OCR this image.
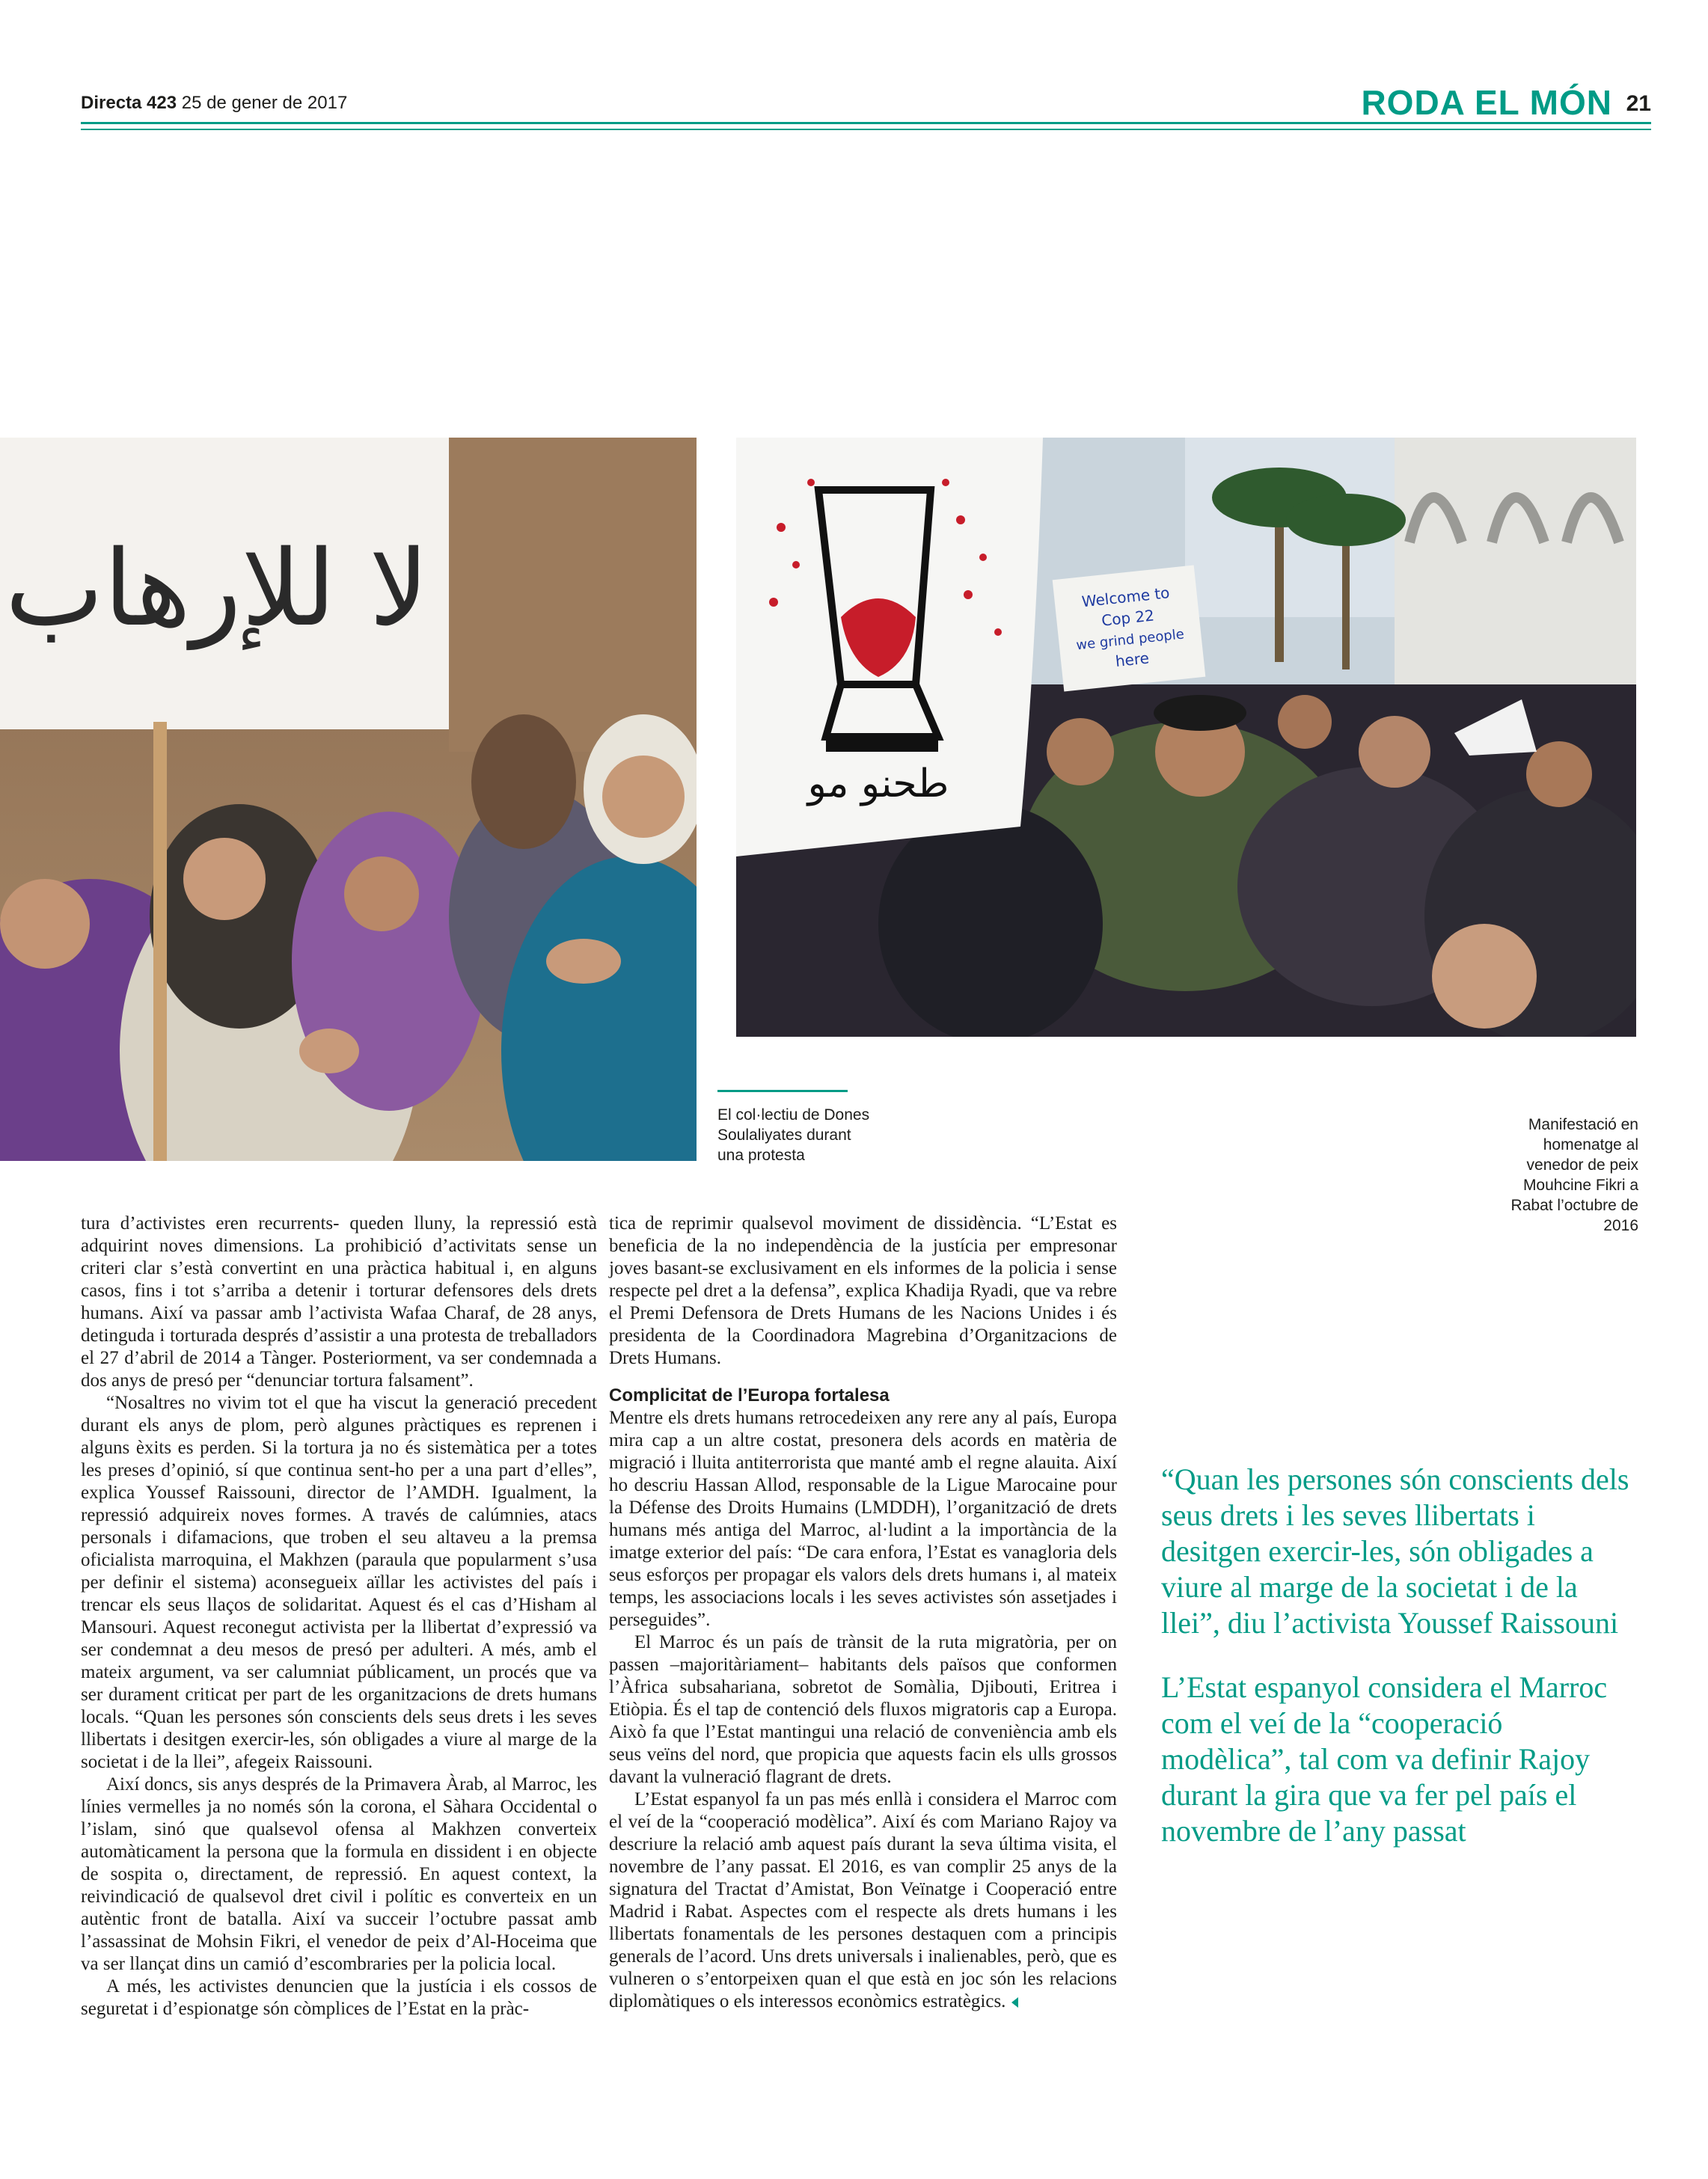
Directa 423 25 de gener de 2017	RODA EL MÓN 21
لا للإرهاب	Welcome to
Cop 22
we grind people
here
طحنو مو
El col·lectiu de Dones
Soulaliyates durant
una protesta
Manifestació en
homenatge al
venedor de peix
Mouhcine Fikri a
Rabat l’octubre de
2016

tura d’activistes eren recurrents- queden lluny, la repressió està adquirint noves dimensions. La prohibició d’activitats sense un criteri clar s’està convertint en una pràctica habitual i, en alguns casos, fins i tot s’arriba a detenir i torturar defensores dels drets humans. Així va passar amb l’activista Wafaa Charaf, de 28 anys, detinguda i torturada després d’assistir a una protesta de treballadors el 27 d’abril de 2014 a Tànger. Posteriorment, va ser condemnada a dos anys de presó per “denunciar tortura falsament”.

“Nosaltres no vivim tot el que ha viscut la generació precedent durant els anys de plom, però algunes pràctiques es reprenen i alguns èxits es perden. Si la tortura ja no és sistemàtica per a totes les preses d’opinió, sí que continua sent-ho per a una part d’elles”, explica Youssef Raissouni, director de l’AMDH. Igualment, la repressió adquireix noves formes. A través de calúmnies, atacs personals i difamacions, que troben el seu altaveu a la premsa oficialista marroquina, el Makhzen (paraula que popularment s’usa per definir el sistema) aconsegueix aïllar les activistes del país i trencar els seus llaços de solidaritat. Aquest és el cas d’Hisham al Mansouri. Aquest reconegut activista per la llibertat d’expressió va ser condemnat a deu mesos de presó per adulteri. A més, amb el mateix argument, va ser calumniat públicament, un procés que va ser durament criticat per part de les organitzacions de drets humans locals. “Quan les persones són conscients dels seus drets i les seves llibertats i desitgen exercir-les, són obligades a viure al marge de la societat i de la llei”, afegeix Raissouni.

Així doncs, sis anys després de la Primavera Àrab, al Marroc, les línies vermelles ja no només són la corona, el Sàhara Occidental o l’islam, sinó que qualsevol ofensa al Makhzen converteix automàticament la persona que la formula en dissident i en objecte de sospita o, directament, de repressió. En aquest context, la reivindicació de qualsevol dret civil i polític es converteix en un autèntic front de batalla. Així va succeir l’octubre passat amb l’assassinat de Mohsin Fikri, el venedor de peix d’Al-Hoceima que va ser llançat dins un camió d’escombraries per la policia local.

A més, les activistes denuncien que la justícia i els cossos de seguretat i d’espionatge són còmplices de l’Estat en la pràc-

tica de reprimir qualsevol moviment de dissidència. “L’Estat es beneficia de la no independència de la justícia per empresonar joves basant-se exclusivament en els informes de la policia i sense respecte pel dret a la defensa”, explica Khadija Ryadi, que va rebre el Premi Defensora de Drets Humans de les Nacions Unides i és presidenta de la Coordinadora Magrebina d’Organitzacions de Drets Humans.

Complicitat de l’Europa fortalesa

Mentre els drets humans retrocedeixen any rere any al país, Europa mira cap a un altre costat, presonera dels acords en matèria de migració i lluita antiterrorista que manté amb el regne alauita. Així ho descriu Hassan Allod, responsable de la Ligue Marocaine pour la Défense des Droits Humains (LMDDH), l’organització de drets humans més antiga del Marroc, al·ludint a la importància de la imatge exterior del país: “De cara enfora, l’Estat es vanagloria dels seus esforços per propagar els valors dels drets humans i, al mateix temps, les associacions locals i les seves activistes són assetjades i perseguides”.

El Marroc és un país de trànsit de la ruta migratòria, per on passen –majoritàriament– habitants dels països que conformen l’Àfrica subsahariana, sobretot de Somàlia, Djibouti, Eritrea i Etiòpia. És el tap de contenció dels fluxos migratoris cap a Europa. Això fa que l’Estat mantingui una relació de conveniència amb els seus veïns del nord, que propicia que aquests facin els ulls grossos davant la vulneració flagrant de drets.

L’Estat espanyol fa un pas més enllà i considera el Marroc com el veí de la “cooperació modèlica”. Així és com Mariano Rajoy va descriure la relació amb aquest país durant la seva última visita, el novembre de l’any passat. El 2016, es van complir 25 anys de la signatura del Tractat d’Amistat, Bon Veïnatge i Cooperació entre Madrid i Rabat. Aspectes com el respecte als drets humans i les llibertats fonamentals de les persones destaquen com a principis generals de l’acord. Uns drets universals i inalienables, però, que es vulneren o s’entorpeixen quan el que està en joc són les relacions diplomàtiques o els interessos econòmics estratègics.

“Quan les persones són conscients dels seus drets i les seves llibertats i desitgen exercir-les, són obligades a viure al marge de la societat i de la llei”, diu l’activista Youssef Raissouni

L’Estat espanyol considera el Marroc com el veí de la “cooperació modèlica”, tal com va definir Rajoy durant la gira que va fer pel país el novembre de l’any passat
